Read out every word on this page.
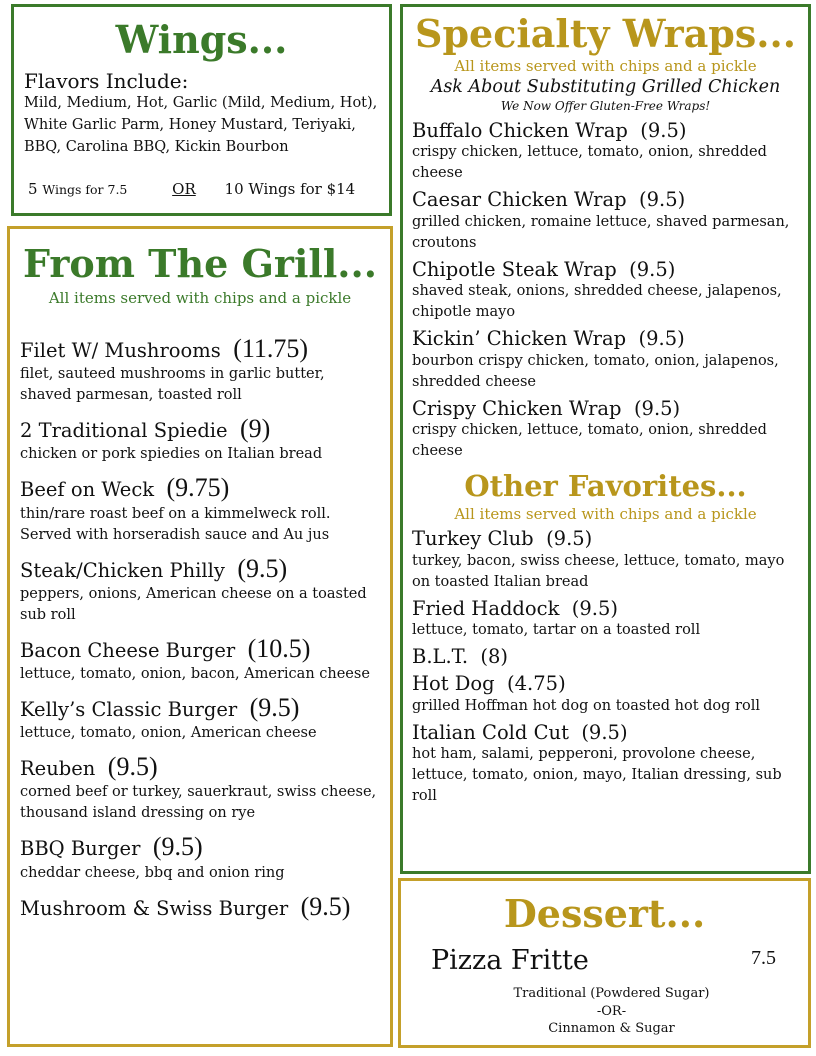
Wings...

Flavors Include:

Mild, Medium, Hot, Garlic (Mild, Medium, Hot), White Garlic Parm, Honey Mustard, Teriyaki, BBQ, Carolina BBQ, Kickin Bourbon

5 Wings for 7.5	OR 10 Wings for $14
From The Grill...

All items served with chips and a pickle

Filet W/ Mushrooms (11.75)

filet, sauteed mushrooms in garlic butter, shaved parmesan, toasted roll

2 Traditional Spiedie (9)

chicken or pork spiedies on Italian bread

Beef on Weck (9.75)

thin/rare roast beef on a kimmelweck roll. Served with horseradish sauce and Au jus

Steak/Chicken Philly (9.5)

peppers, onions, American cheese on a toasted sub roll

Bacon Cheese Burger (10.5)

lettuce, tomato, onion, bacon, American cheese

Kelly’s Classic Burger (9.5)

lettuce, tomato, onion, American cheese

Reuben (9.5)

corned beef or turkey, sauerkraut, swiss cheese, thousand island dressing on rye

BBQ Burger (9.5)

cheddar cheese, bbq and onion ring

Mushroom & Swiss Burger (9.5)

Specialty Wraps...

All items served with chips and a pickle

Ask About Substituting Grilled Chicken

We Now Offer Gluten-Free Wraps!

Buffalo Chicken Wrap (9.5)

crispy chicken, lettuce, tomato, onion, shredded cheese

Caesar Chicken Wrap (9.5)

grilled chicken, romaine lettuce, shaved parmesan, croutons

Chipotle Steak Wrap (9.5)

shaved steak, onions, shredded cheese, jalapenos, chipotle mayo

Kickin’ Chicken Wrap (9.5)

bourbon crispy chicken, tomato, onion, jalapenos, shredded cheese

Crispy Chicken Wrap (9.5)

crispy chicken, lettuce, tomato, onion, shredded cheese

Other Favorites...

All items served with chips and a pickle

Turkey Club (9.5)

turkey, bacon, swiss cheese, lettuce, tomato, mayo on toasted Italian bread

Fried Haddock (9.5)

lettuce, tomato, tartar on a toasted roll

B.L.T. (8)

Hot Dog (4.75)

grilled Hoffman hot dog on toasted hot dog roll

Italian Cold Cut (9.5)

hot ham, salami, pepperoni, provolone cheese, lettuce, tomato, onion, mayo, Italian dressing, sub roll

Dessert...
Pizza Fritte	7.5

Traditional (Powdered Sugar)

-OR-

Cinnamon & Sugar
